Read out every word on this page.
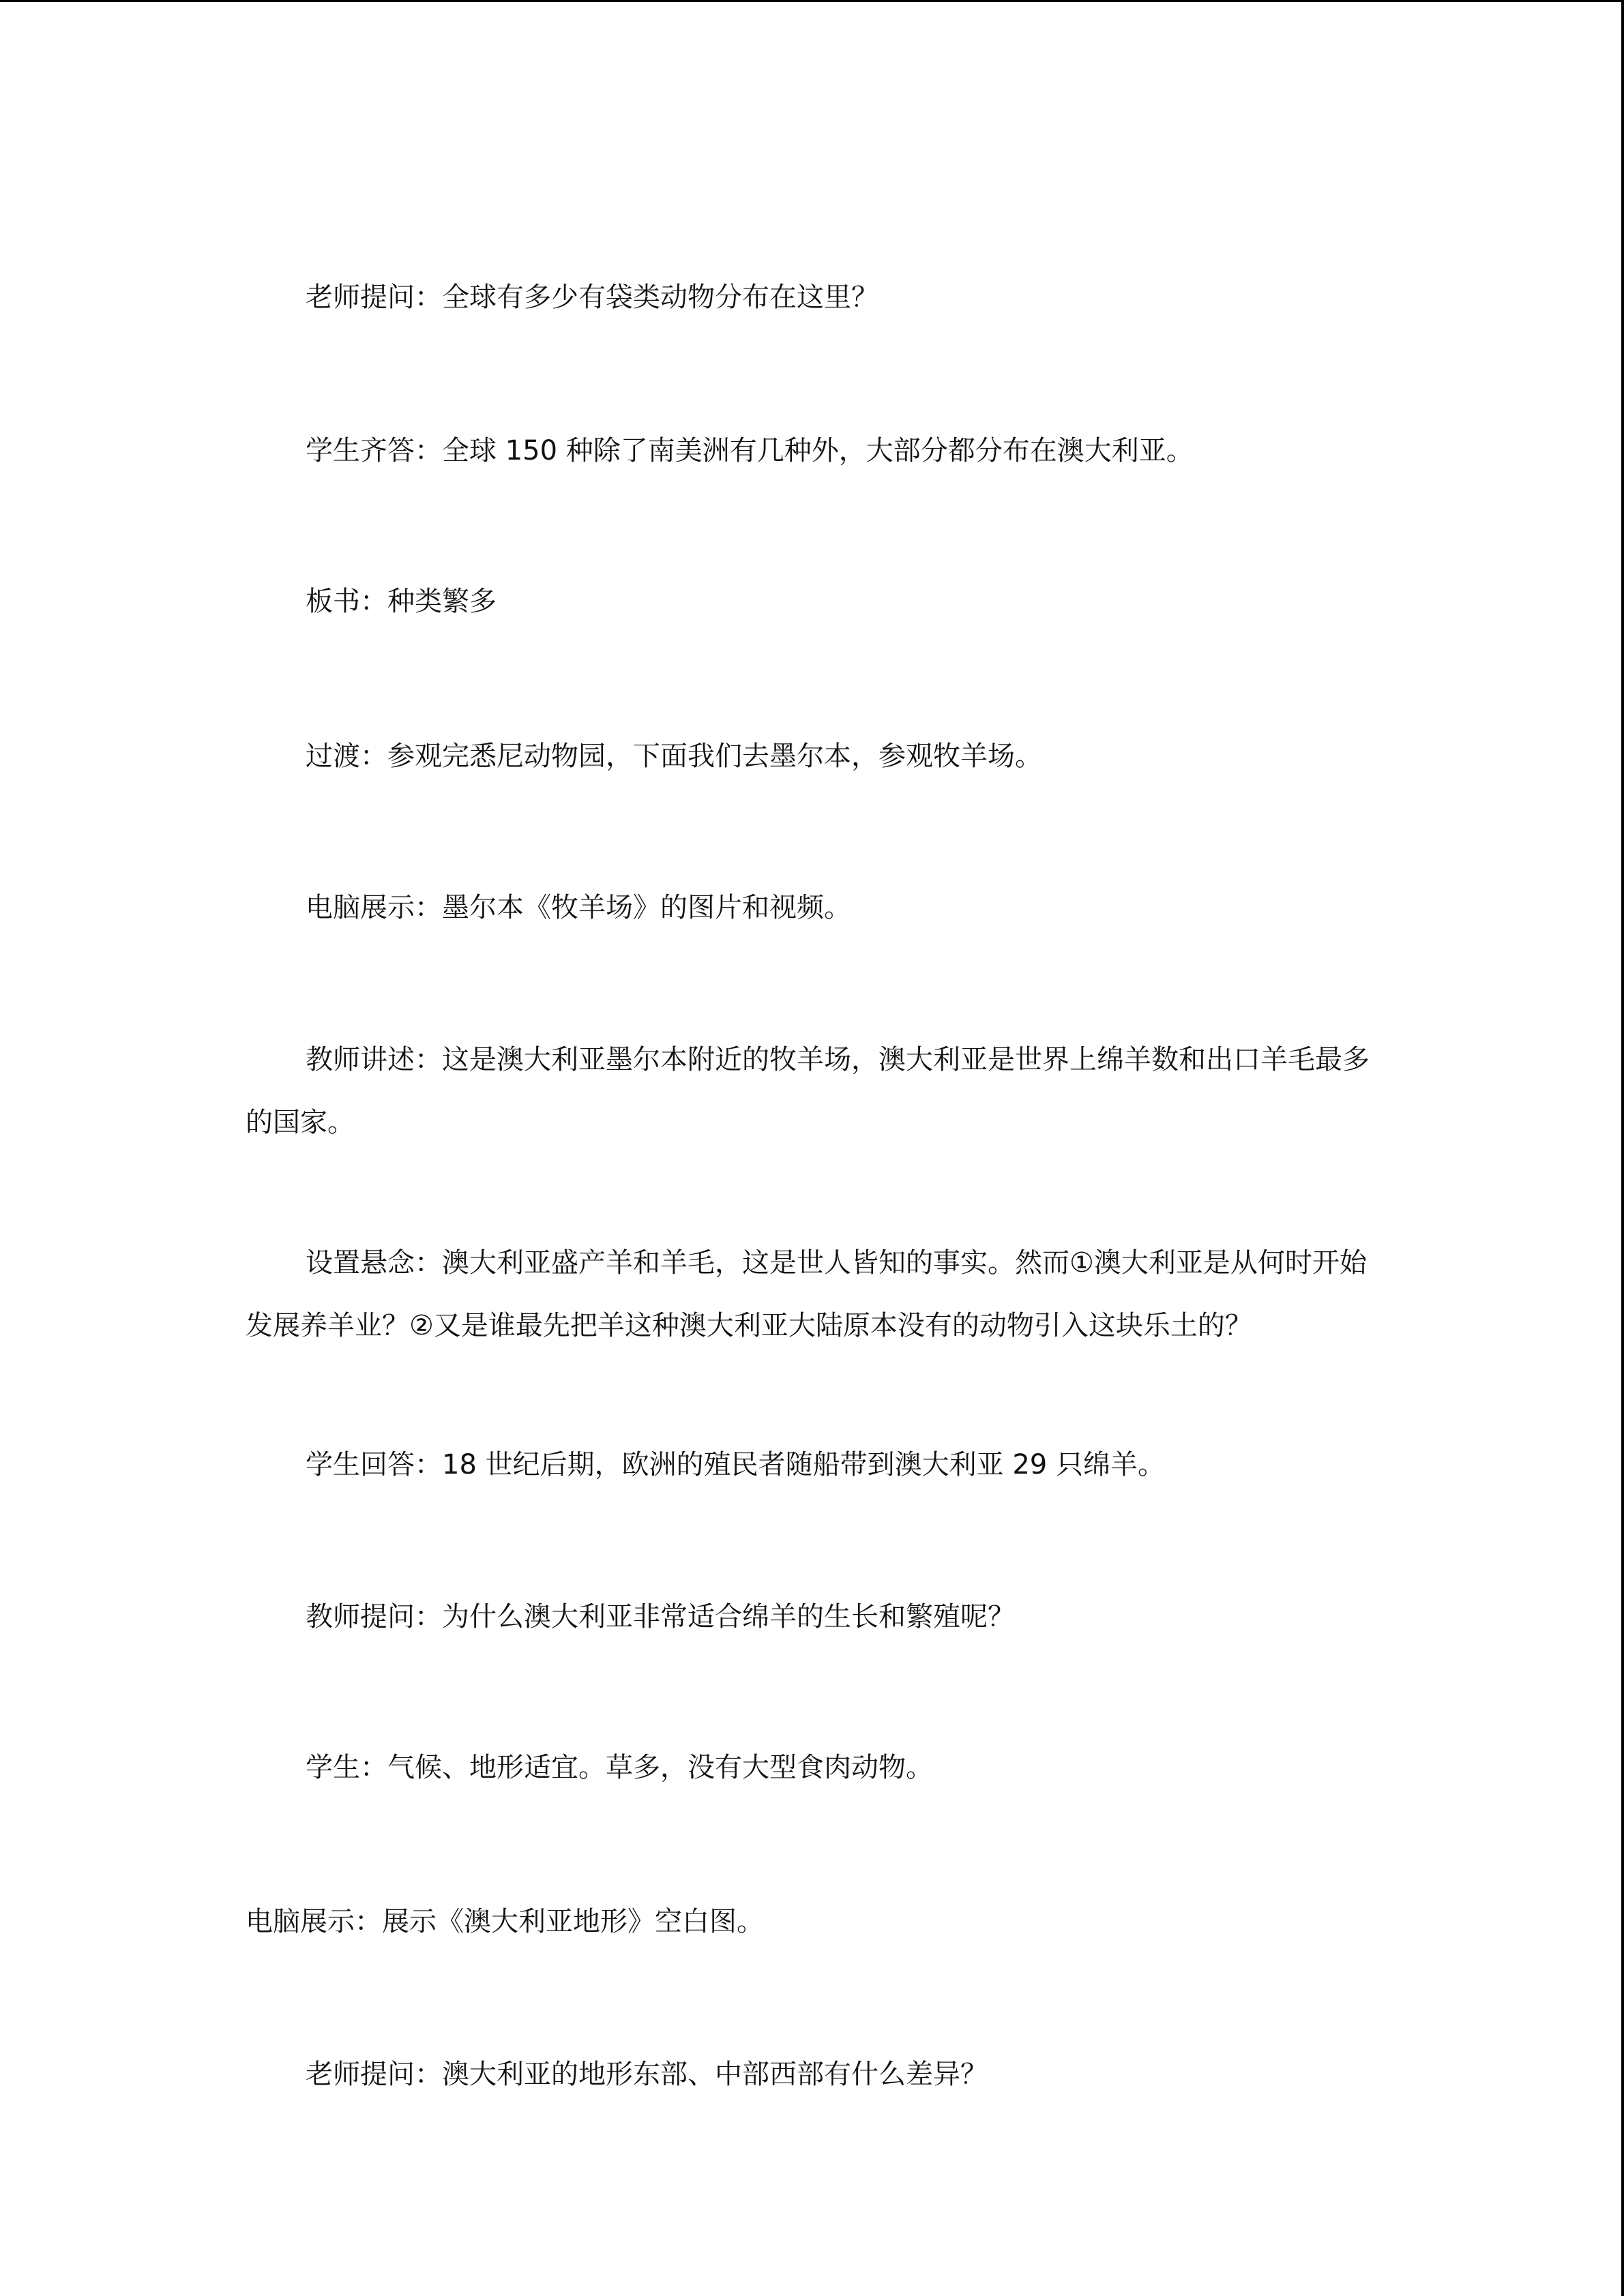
老师提问：全球有多少有袋类动物分布在这里？

学生齐答：全球 150 种除了南美洲有几种外，大部分都分布在澳大利亚。

板书：种类繁多

过渡：参观完悉尼动物园，下面我们去墨尔本，参观牧羊场。

电脑展示：墨尔本《牧羊场》的图片和视频。

教师讲述：这是澳大利亚墨尔本附近的牧羊场，澳大利亚是世界上绵羊数和出口羊毛最多的国家。

设置悬念：澳大利亚盛产羊和羊毛，这是世人皆知的事实。然而①澳大利亚是从何时开始发展养羊业？②又是谁最先把羊这种澳大利亚大陆原本没有的动物引入这块乐土的？

学生回答：18 世纪后期，欧洲的殖民者随船带到澳大利亚 29 只绵羊。

教师提问：为什么澳大利亚非常适合绵羊的生长和繁殖呢？

学生：气候、地形适宜。草多，没有大型食肉动物。

电脑展示：展示《澳大利亚地形》空白图。

老师提问：澳大利亚的地形东部、中部西部有什么差异？
